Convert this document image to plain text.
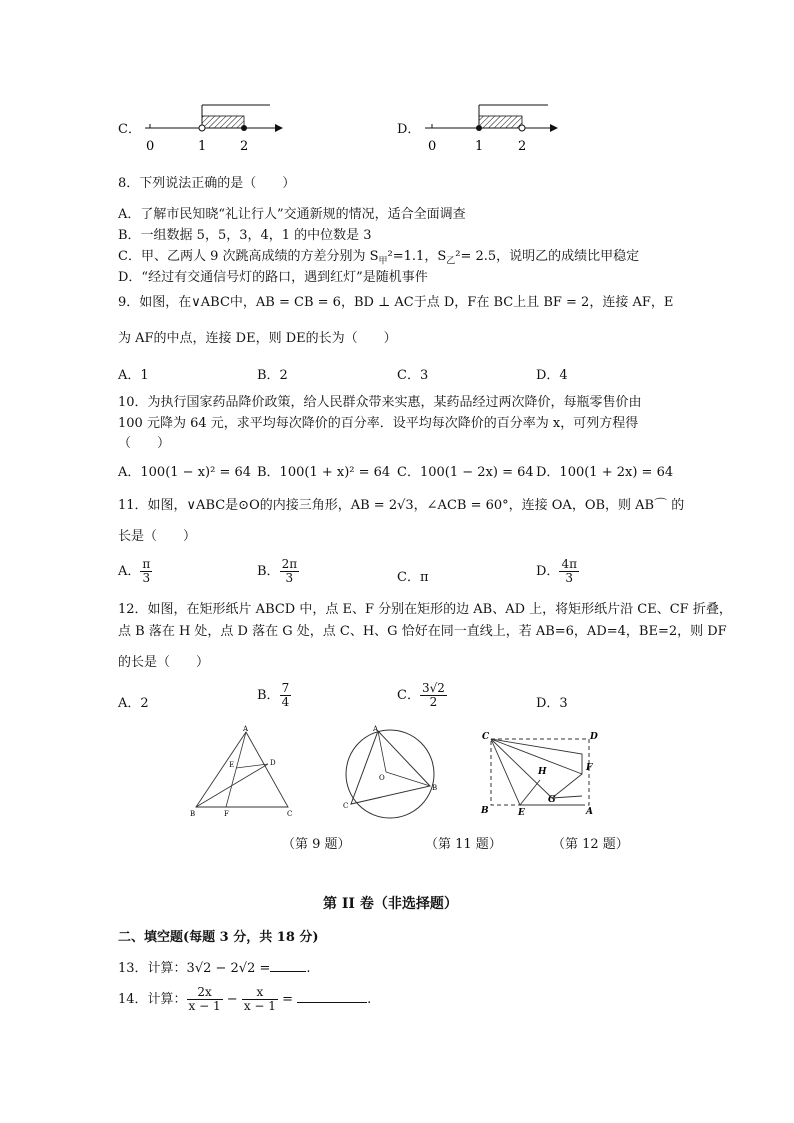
C．
0	1	2
D．
0	1	2
8．下列说法正确的是（　　）
A．了解市民知晓“礼让行人”交通新规的情况，适合全面调查
B．一组数据 5，5，3，4，1 的中位数是 3
C．甲、乙两人 9 次跳高成绩的方差分别为 $S_甲^2=1.1$，$S_乙^2= 2.5$，说明乙的成绩比甲稳定
D．“经过有交通信号灯的路口，遇到红灯”是随机事件
9．如图，在∨ABC中，AB = CB = 6，BD ⊥ AC于点 D，F在 BC上且 BF = 2，连接 AF，E
为 AF的中点，连接 DE，则 DE的长为（　　）
A．1	B．2	C．3	D．4
10．为执行国家药品降价政策，给人民群众带来实惠，某药品经过两次降价，每瓶零售价由
100 元降为 64 元，求平均每次降价的百分率．设平均每次降价的百分率为 x，可列方程得
（　　）
A．100(1 − x)² = 64 B．100(1 + x)² = 64 C．100(1 − 2x) = 64 D．100(1 + 2x) = 64
11．如图，∨ABC是⊙O的内接三角形，AB = 2√3，∠ACB = 60°，连接 OA，OB，则 AB⌒ 的
长是（　　）
A． $\frac{\pi}{3}$	B． $\frac{2\pi}{3}$	C．π	D． $\frac{4\pi}{3}$
12．如图，在矩形纸片 ABCD 中，点 E、F 分别在矩形的边 AB、AD 上，将矩形纸片沿 CE、CF 折叠，
点 B 落在 H 处，点 D 落在 G 处，点 C、H、G 恰好在同一直线上，若 AB=6，AD=4，BE=2，则 DF
的长是（　　）
A．2
B． $\frac{7}{4}$	C． $\frac{3√2}{2}$	D．3
A
B	C
D
E
F
A
B
C
O
C	D
F
H
G
B	E	A
（第 9 题）	（第 11 题）	（第 12 题）
第 II 卷（非选择题）
二、填空题(每题 3 分，共 18 分)
13．计算：3√2 − 2√2 =	.
14．计算： $\frac{2x}{x - 1} - \frac{x}{x - 1}$ =	.
